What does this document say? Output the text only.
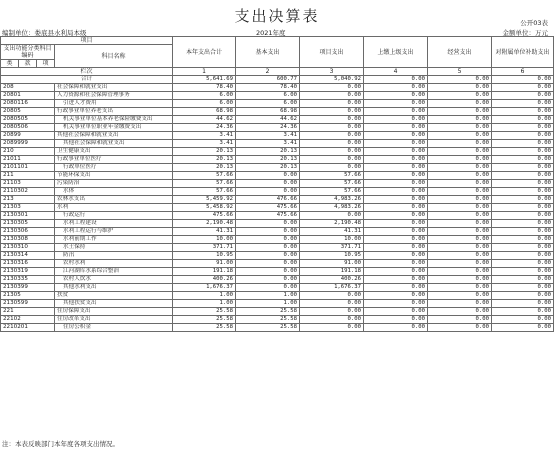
支出决算表	公开03表
编制单位：娄底县水利局本级	2021年度	金额单位：万元
项目				本年支出合计	基本支出	项目支出	上缴上级支出	经营支出	对附属单位补助支出
支出功能分类科目编码			科目名称						

类	款	项							
栏次				1	2	3	4	5	6
合计				5,641.69	600.77	5,040.92	0.00	0.00	0.00
208			社会保障和就业支出	78.40	78.40	0.00	0.00	0.00	0.00
20801			人力资源和社会保障管理事务	6.00	6.00	0.00	0.00	0.00	0.00
2080116			引进人才费用	6.00	6.00	0.00	0.00	0.00	0.00
20805			行政事业单位养老支出	68.98	68.98	0.00	0.00	0.00	0.00
2080505			机关事业单位基本养老保险缴费支出	44.62	44.62	0.00	0.00	0.00	0.00
2080506			机关事业单位职业年金缴费支出	24.36	24.36	0.00	0.00	0.00	0.00
20899			其他社会保障和就业支出	3.41	3.41	0.00	0.00	0.00	0.00
2089999			其他社会保障和就业支出	3.41	3.41	0.00	0.00	0.00	0.00
210			卫生健康支出	20.13	20.13	0.00	0.00	0.00	0.00
21011			行政事业单位医疗	20.13	20.13	0.00	0.00	0.00	0.00
2101101			行政单位医疗	20.13	20.13	0.00	0.00	0.00	0.00
211			节能环保支出	57.66	0.00	57.66	0.00	0.00	0.00
21103			污染防治	57.66	0.00	57.66	0.00	0.00	0.00
2110302			水体	57.66	0.00	57.66	0.00	0.00	0.00
213			农林水支出	5,459.92	476.66	4,983.26	0.00	0.00	0.00
21303			水利	5,458.92	475.66	4,983.26	0.00	0.00	0.00
2130301			行政运行	475.66	475.66	0.00	0.00	0.00	0.00
2130305			水利工程建设	2,190.48	0.00	2,190.48	0.00	0.00	0.00
2130306			水利工程运行与维护	41.31	0.00	41.31	0.00	0.00	0.00
2130308			水利前期工作	10.00	0.00	10.00	0.00	0.00	0.00
2130310			水土保持	371.71	0.00	371.71	0.00	0.00	0.00
2130314			防汛	10.95	0.00	10.95	0.00	0.00	0.00
2130316			农村水利	91.00	0.00	91.00	0.00	0.00	0.00
2130319			江河湖库水系综合整治	191.18	0.00	191.18	0.00	0.00	0.00
2130335			农村人饮水	400.26	0.00	400.26	0.00	0.00	0.00
2130399			其他水利支出	1,676.37	0.00	1,676.37	0.00	0.00	0.00
21305			扶贫	1.00	1.00	0.00	0.00	0.00	0.00
2130599			其他扶贫支出	1.00	1.00	0.00	0.00	0.00	0.00
221			住房保障支出	25.58	25.58	0.00	0.00	0.00	0.00
22102			住房改革支出	25.58	25.58	0.00	0.00	0.00	0.00
2210201			住房公积金	25.58	25.58	0.00	0.00	0.00	0.00
注：本表反映部门本年度各项支出情况。
